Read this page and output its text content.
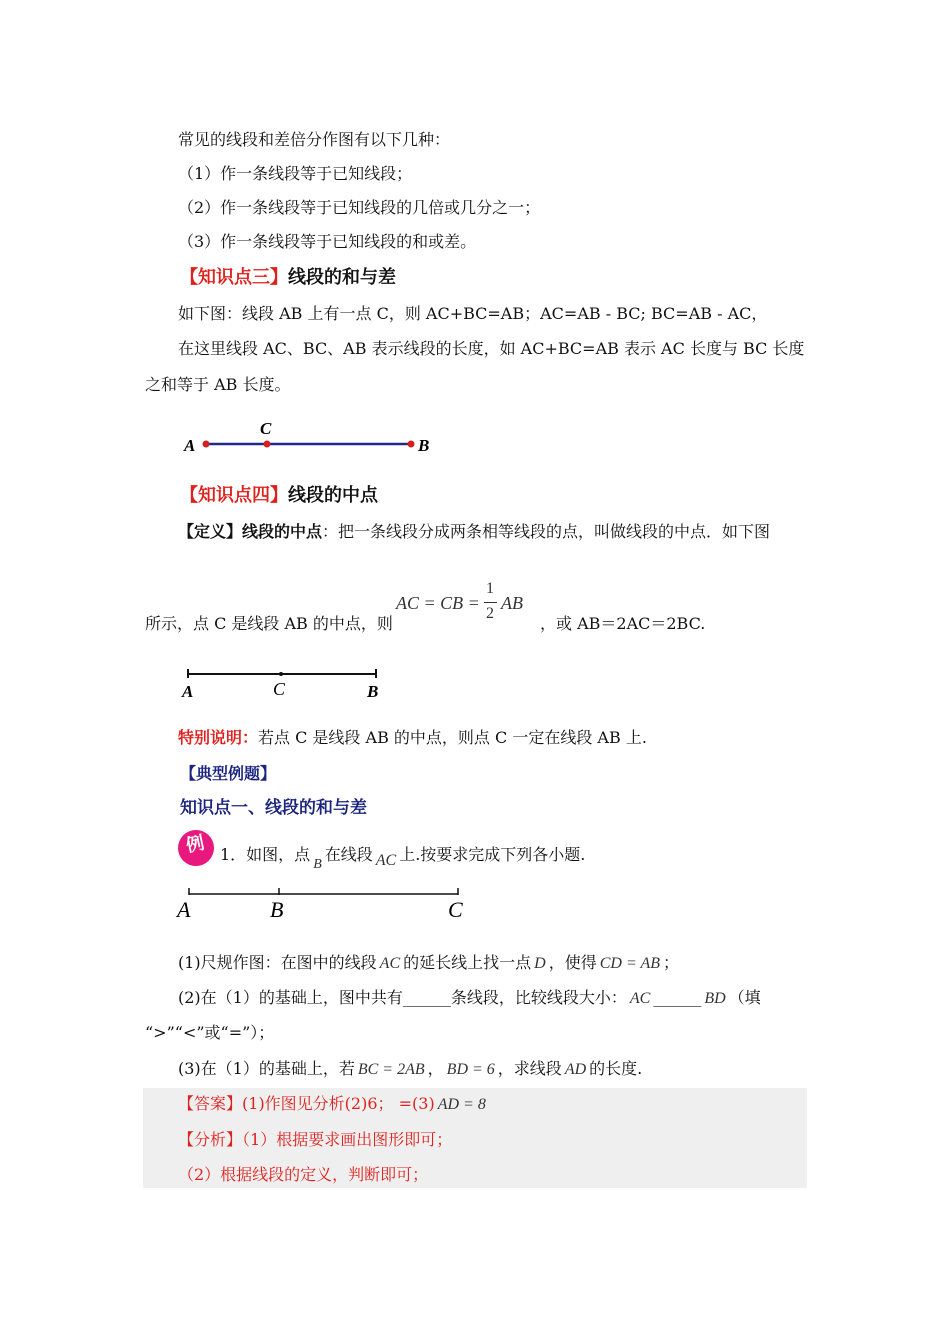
常见的线段和差倍分作图有以下几种：
（1）作一条线段等于已知线段；
（2）作一条线段等于已知线段的几倍或几分之一；
（3）作一条线段等于已知线段的和或差。
【知识点三】线段的和与差
如下图：线段 AB 上有一点 C，则 AC+BC=AB；AC=AB - BC; BC=AB - AC，
在这里线段 AC、BC、AB 表示线段的长度，如 AC+BC=AB 表示 AC 长度与 BC 长度
之和等于 AB 长度。
A
C
B
【知识点四】线段的中点
【定义】线段的中点：把一条线段分成两条相等线段的点，叫做线段的中点．如下图
所示，点 C 是线段 AB 的中点，则
AC = CB =
1
2
AB
，或 AB＝2AC＝2BC.
A	C	B
特别说明：若点 C 是线段 AB 的中点，则点 C 一定在线段 AB 上.
【典型例题】
知识点一、线段的和与差
例 1．如图，点B在线段 AC 上.按要求完成下列各小题.
A	B	C
(1)尺规作图：在图中的线段 AC 的延长线上找一点 D ，使得 CD = AB ；
(2)在（1）的基础上，图中共有______条线段，比较线段大小： AC ______ BD （填
“>”“<”或“=”）；
(3)在（1）的基础上，若 BC = 2AB ， BD = 6 ，求线段 AD 的长度.
【答案】(1)作图见分析(2)6； =(3) AD = 8
【分析】（1）根据要求画出图形即可；
（2）根据线段的定义，判断即可；
